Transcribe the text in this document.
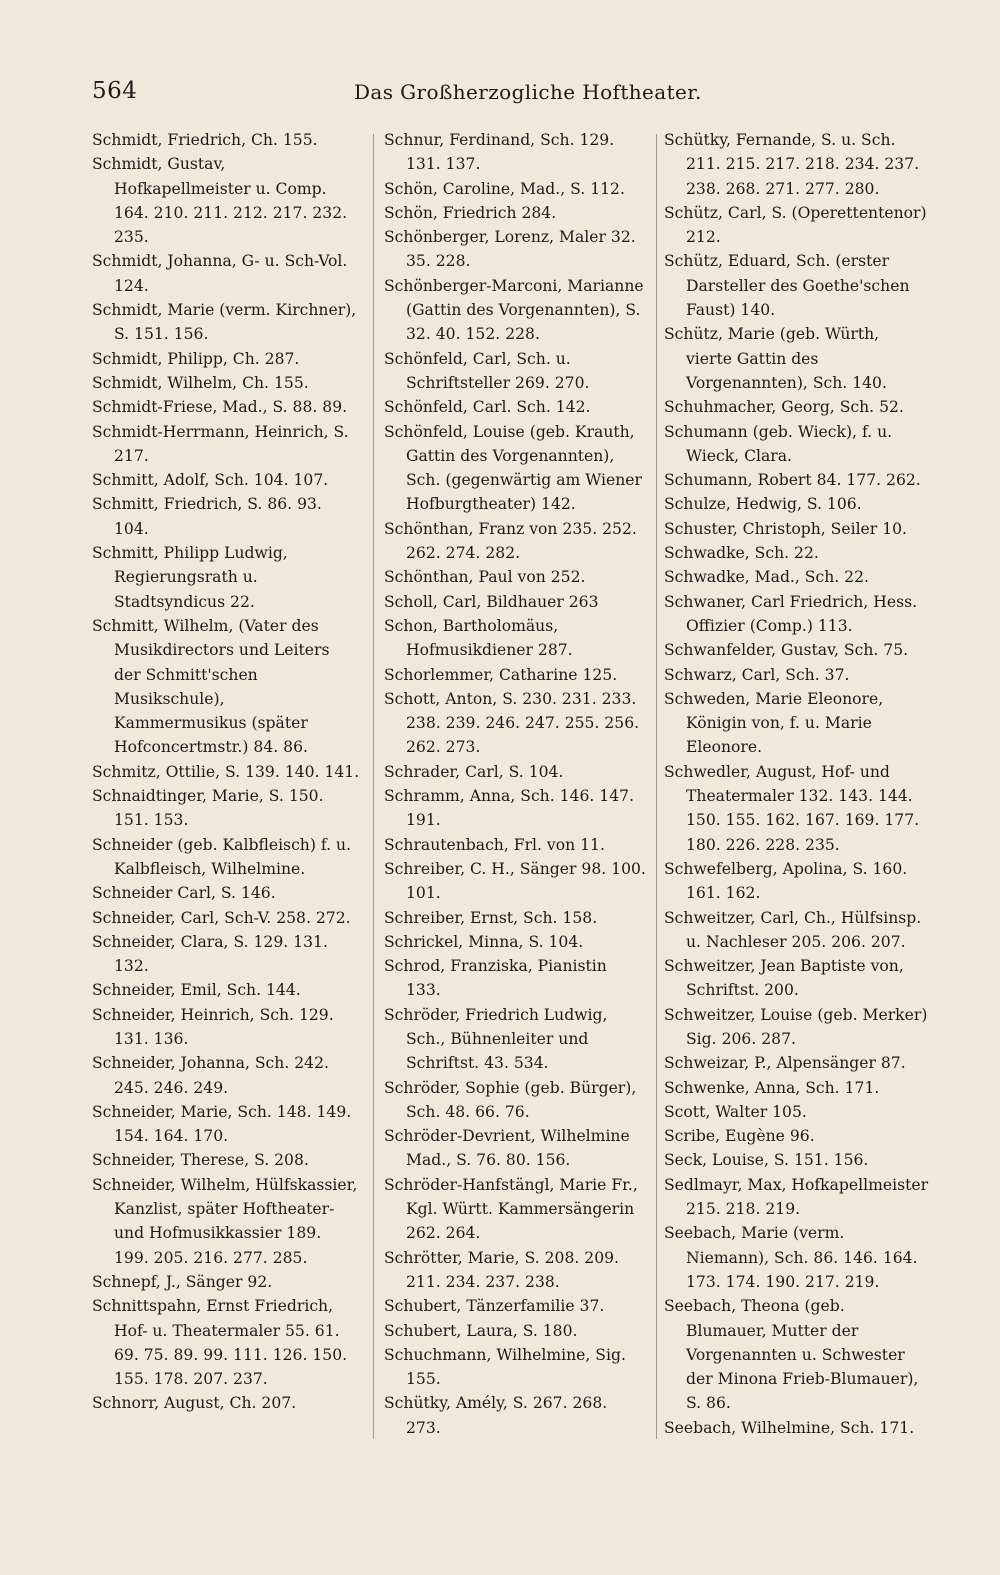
564	Das Großherzogliche Hoftheater.
Schmidt, Friedrich, Ch. 155.
Schmidt, Gustav, Hofkapellmeister u. Comp. 164. 210. 211. 212. 217. 232. 235.
Schmidt, Johanna, G- u. Sch-Vol. 124.
Schmidt, Marie (verm. Kirchner), S. 151. 156.
Schmidt, Philipp, Ch. 287.
Schmidt, Wilhelm, Ch. 155.
Schmidt-Friese, Mad., S. 88. 89.
Schmidt-Herrmann, Heinrich, S. 217.
Schmitt, Adolf, Sch. 104. 107.
Schmitt, Friedrich, S. 86. 93. 104.
Schmitt, Philipp Ludwig, Regierungsrath u. Stadtsyndicus 22.
Schmitt, Wilhelm, (Vater des Musikdirectors und Leiters der Schmitt'schen Musikschule), Kammermusikus (später Hofconcertmstr.) 84. 86.
Schmitz, Ottilie, S. 139. 140. 141.
Schnaidtinger, Marie, S. 150. 151. 153.
Schneider (geb. Kalbfleisch) f. u. Kalbfleisch, Wilhelmine.
Schneider Carl, S. 146.
Schneider, Carl, Sch-V. 258. 272.
Schneider, Clara, S. 129. 131. 132.
Schneider, Emil, Sch. 144.
Schneider, Heinrich, Sch. 129. 131. 136.
Schneider, Johanna, Sch. 242. 245. 246. 249.
Schneider, Marie, Sch. 148. 149. 154. 164. 170.
Schneider, Therese, S. 208.
Schneider, Wilhelm, Hülfskassier, Kanzlist, später Hoftheater- und Hofmusikkassier 189. 199. 205. 216. 277. 285.
Schnepf, J., Sänger 92.
Schnittspahn, Ernst Friedrich, Hof- u. Theatermaler 55. 61. 69. 75. 89. 99. 111. 126. 150. 155. 178. 207. 237.
Schnorr, August, Ch. 207.
Schnur, Ferdinand, Sch. 129. 131. 137.
Schön, Caroline, Mad., S. 112.
Schön, Friedrich 284.
Schönberger, Lorenz, Maler 32. 35. 228.
Schönberger-Marconi, Marianne (Gattin des Vorgenannten), S. 32. 40. 152. 228.
Schönfeld, Carl, Sch. u. Schriftsteller 269. 270.
Schönfeld, Carl. Sch. 142.
Schönfeld, Louise (geb. Krauth, Gattin des Vorgenannten), Sch. (gegenwärtig am Wiener Hofburgtheater) 142.
Schönthan, Franz von 235. 252. 262. 274. 282.
Schönthan, Paul von 252.
Scholl, Carl, Bildhauer 263
Schon, Bartholomäus, Hofmusikdiener 287.
Schorlemmer, Catharine 125.
Schott, Anton, S. 230. 231. 233. 238. 239. 246. 247. 255. 256. 262. 273.
Schrader, Carl, S. 104.
Schramm, Anna, Sch. 146. 147. 191.
Schrautenbach, Frl. von 11.
Schreiber, C. H., Sänger 98. 100. 101.
Schreiber, Ernst, Sch. 158.
Schrickel, Minna, S. 104.
Schrod, Franziska, Pianistin 133.
Schröder, Friedrich Ludwig, Sch., Bühnenleiter und Schriftst. 43. 534.
Schröder, Sophie (geb. Bürger), Sch. 48. 66. 76.
Schröder-Devrient, Wilhelmine Mad., S. 76. 80. 156.
Schröder-Hanfstängl, Marie Fr., Kgl. Württ. Kammersängerin 262. 264.
Schrötter, Marie, S. 208. 209. 211. 234. 237. 238.
Schubert, Tänzerfamilie 37.
Schubert, Laura, S. 180.
Schuchmann, Wilhelmine, Sig. 155.
Schütky, Amély, S. 267. 268. 273.
Schütky, Fernande, S. u. Sch. 211. 215. 217. 218. 234. 237. 238. 268. 271. 277. 280.
Schütz, Carl, S. (Operettentenor) 212.
Schütz, Eduard, Sch. (erster Darsteller des Goethe'schen Faust) 140.
Schütz, Marie (geb. Würth, vierte Gattin des Vorgenannten), Sch. 140.
Schuhmacher, Georg, Sch. 52.
Schumann (geb. Wieck), f. u. Wieck, Clara.
Schumann, Robert 84. 177. 262.
Schulze, Hedwig, S. 106.
Schuster, Christoph, Seiler 10.
Schwadke, Sch. 22.
Schwadke, Mad., Sch. 22.
Schwaner, Carl Friedrich, Hess. Offizier (Comp.) 113.
Schwanfelder, Gustav, Sch. 75.
Schwarz, Carl, Sch. 37.
Schweden, Marie Eleonore, Königin von, f. u. Marie Eleonore.
Schwedler, August, Hof- und Theatermaler 132. 143. 144. 150. 155. 162. 167. 169. 177. 180. 226. 228. 235.
Schwefelberg, Apolina, S. 160. 161. 162.
Schweitzer, Carl, Ch., Hülfsinsp. u. Nachleser 205. 206. 207.
Schweitzer, Jean Baptiste von, Schriftst. 200.
Schweitzer, Louise (geb. Merker) Sig. 206. 287.
Schweizar, P., Alpensänger 87.
Schwenke, Anna, Sch. 171.
Scott, Walter 105.
Scribe, Eugène 96.
Seck, Louise, S. 151. 156.
Sedlmayr, Max, Hofkapellmeister 215. 218. 219.
Seebach, Marie (verm. Niemann), Sch. 86. 146. 164. 173. 174. 190. 217. 219.
Seebach, Theona (geb. Blumauer, Mutter der Vorgenannten u. Schwester der Minona Frieb-Blumauer), S. 86.
Seebach, Wilhelmine, Sch. 171.
